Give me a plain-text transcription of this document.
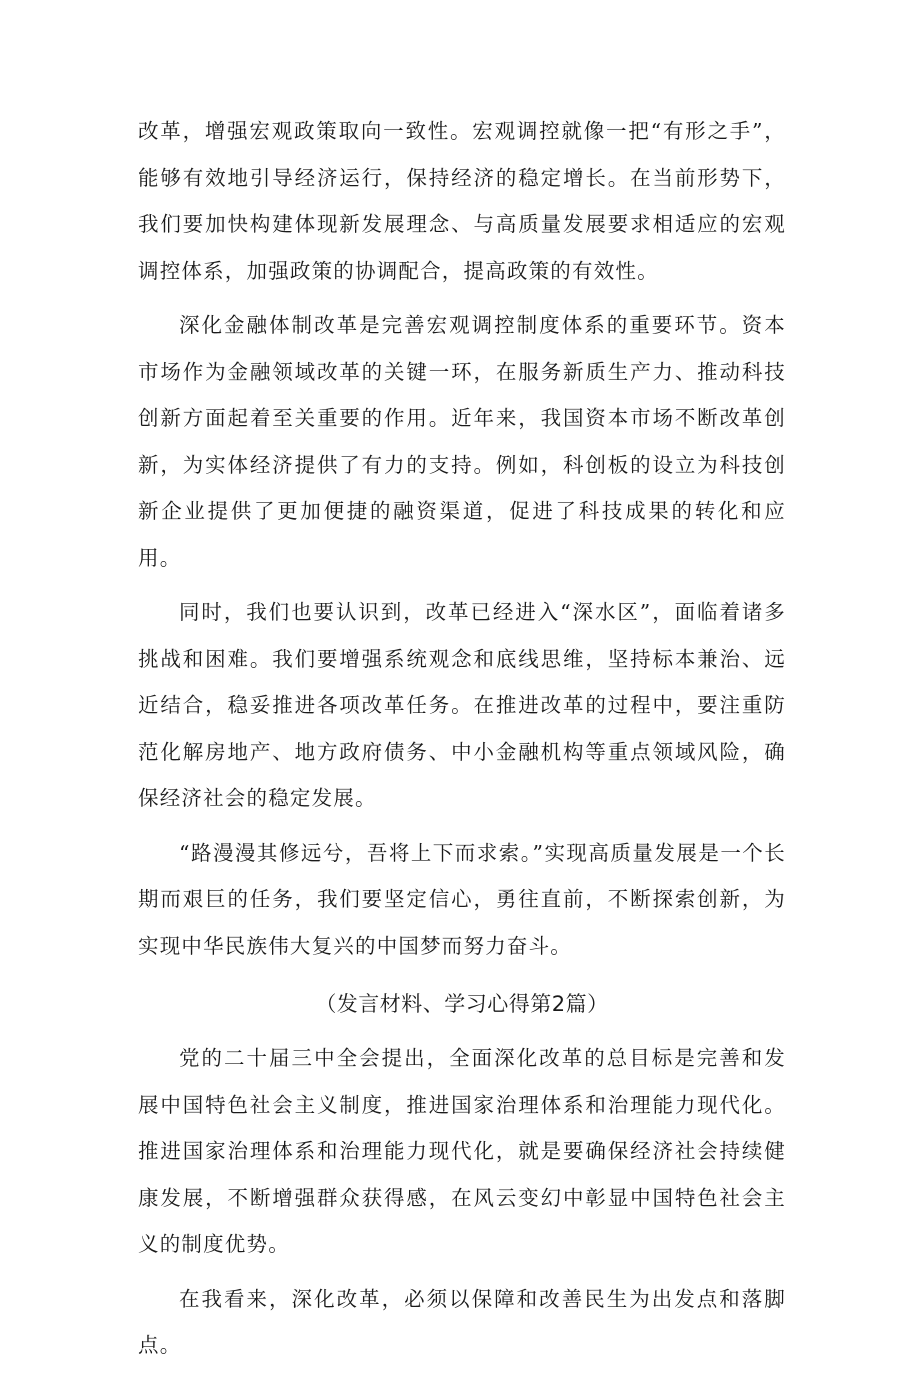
改革，增强宏观政策取向一致性。宏观调控就像一把“有形之手”，能够有效地引导经济运行，保持经济的稳定增长。在当前形势下，我们要加快构建体现新发展理念、与高质量发展要求相适应的宏观调控体系，加强政策的协调配合，提高政策的有效性。

深化金融体制改革是完善宏观调控制度体系的重要环节。资本市场作为金融领域改革的关键一环，在服务新质生产力、推动科技创新方面起着至关重要的作用。近年来，我国资本市场不断改革创新，为实体经济提供了有力的支持。例如，科创板的设立为科技创新企业提供了更加便捷的融资渠道，促进了科技成果的转化和应用。

同时，我们也要认识到，改革已经进入“深水区”，面临着诸多挑战和困难。我们要增强系统观念和底线思维，坚持标本兼治、远近结合，稳妥推进各项改革任务。在推进改革的过程中，要注重防范化解房地产、地方政府债务、中小金融机构等重点领域风险，确保经济社会的稳定发展。

“路漫漫其修远兮，吾将上下而求索。”实现高质量发展是一个长期而艰巨的任务，我们要坚定信心，勇往直前，不断探索创新，为实现中华民族伟大复兴的中国梦而努力奋斗。

（发言材料、学习心得第2篇）

党的二十届三中全会提出，全面深化改革的总目标是完善和发展中国特色社会主义制度，推进国家治理体系和治理能力现代化。推进国家治理体系和治理能力现代化，就是要确保经济社会持续健康发展，不断增强群众获得感，在风云变幻中彰显中国特色社会主义的制度优势。

在我看来，深化改革，必须以保障和改善民生为出发点和落脚点。
